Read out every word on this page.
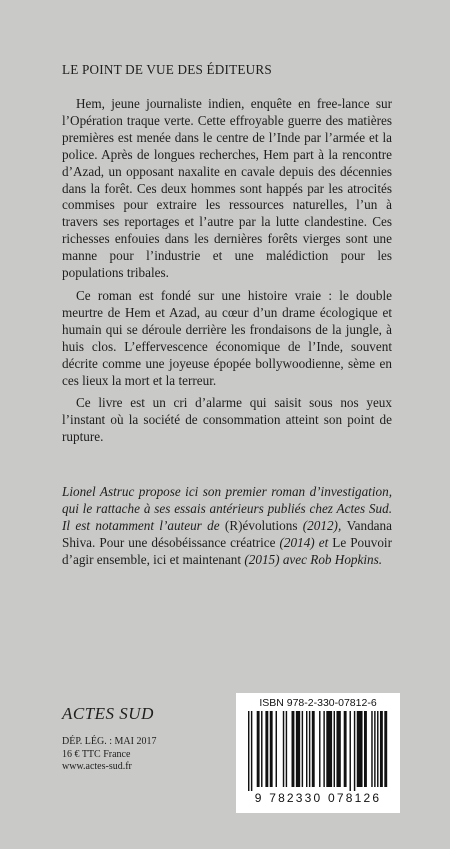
LE POINT DE VUE DES ÉDITEURS

Hem, jeune journaliste indien, enquête en free-lance sur l’Opération traque verte. Cette effroyable guerre des matières premières est menée dans le centre de l’Inde par l’armée et la police. Après de longues recherches, Hem part à la rencontre d’Azad, un opposant naxalite en cavale depuis des décennies dans la forêt. Ces deux hommes sont happés par les atrocités commises pour extraire les ressources naturelles, l’un à travers ses reportages et l’autre par la lutte clandestine. Ces richesses enfouies dans les dernières forêts vierges sont une manne pour l’industrie et une malédiction pour les populations tribales.

Ce roman est fondé sur une histoire vraie : le double meurtre de Hem et Azad, au cœur d’un drame écologique et humain qui se déroule derrière les frondaisons de la jungle, à huis clos. L’effervescence économique de l’Inde, souvent décrite comme une joyeuse épopée bollywoodienne, sème en ces lieux la mort et la terreur.

Ce livre est un cri d’alarme qui saisit sous nos yeux l’instant où la société de consommation atteint son point de rupture.

Lionel Astruc propose ici son premier roman d’investigation, qui le rattache à ses essais antérieurs publiés chez Actes Sud. Il est notamment l’auteur de (R)évolutions (2012), Vandana Shiva. Pour une désobéissance créatrice (2014) et Le Pouvoir d’agir ensemble, ici et maintenant (2015) avec Rob Hopkins.
ACTES SUD
DÉP. LÉG. : MAI 2017
16 € TTC France
www.actes-sud.fr
ISBN 978-2-330-07812-6
9 782330 078126
